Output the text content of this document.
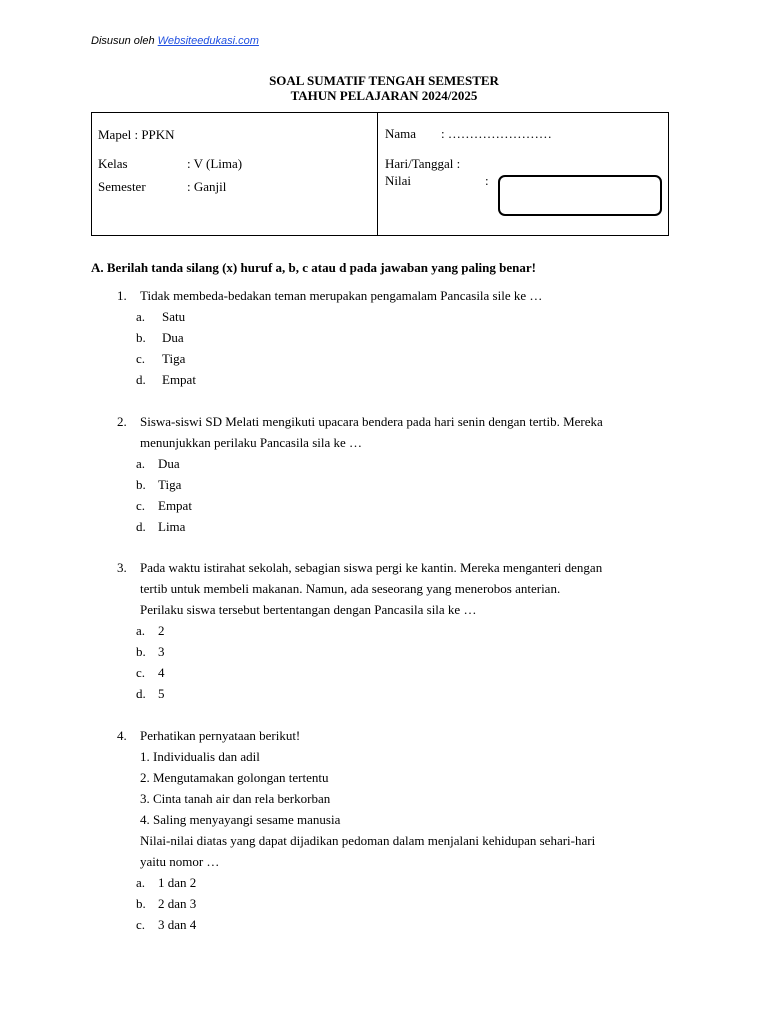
Disusun oleh Websiteedukasi.com
SOAL SUMATIF TENGAH SEMESTER
TAHUN PELAJARAN 2024/2025
Mapel : PPKN
Kelas	: V (Lima)
Semester	: Ganjil
Nama : ……………………
Hari/Tanggal :
Nilai	:
A. Berilah tanda silang (x) huruf a, b, c atau d pada jawaban yang paling benar!
1. Tidak membeda-bedakan teman merupakan pengamalam Pancasila sile ke …
a. Satu
b. Dua
c. Tiga
d. Empat
2. Siswa-siswi SD Melati mengikuti upacara bendera pada hari senin dengan tertib. Mereka
menunjukkan perilaku Pancasila sila ke …
a. Dua
b. Tiga
c. Empat
d. Lima
3. Pada waktu istirahat sekolah, sebagian siswa pergi ke kantin. Mereka menganteri dengan
tertib untuk membeli makanan. Namun, ada seseorang yang menerobos anterian.
Perilaku siswa tersebut bertentangan dengan Pancasila sila ke …
a. 2
b. 3
c. 4
d. 5
4. Perhatikan pernyataan berikut!
1. Individualis dan adil
2. Mengutamakan golongan tertentu
3. Cinta tanah air dan rela berkorban
4. Saling menyayangi sesame manusia
Nilai-nilai diatas yang dapat dijadikan pedoman dalam menjalani kehidupan sehari-hari
yaitu nomor …
a. 1 dan 2
b. 2 dan 3
c. 3 dan 4
